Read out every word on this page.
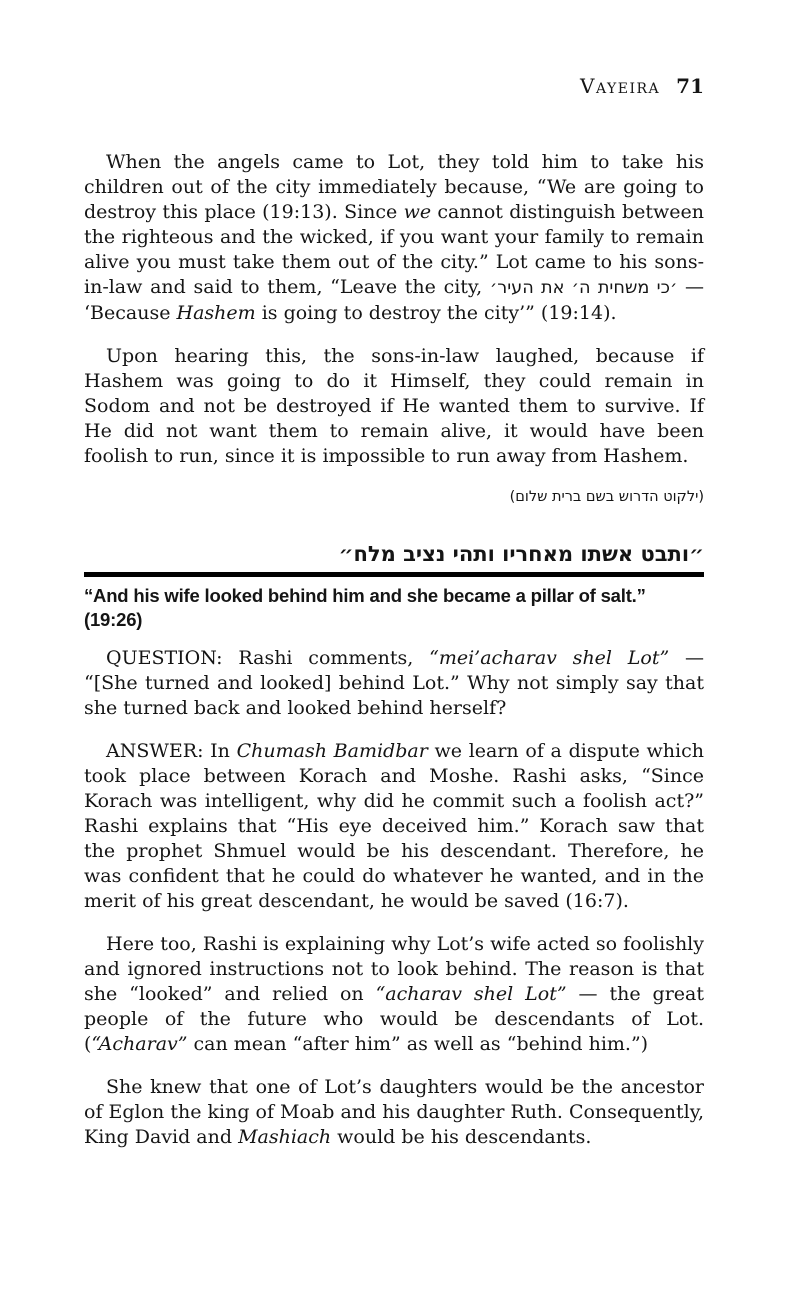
Vayeira 71

When the angels came to Lot, they told him to take his children out of the city immediately because, “We are going to destroy this place (19:13). Since we cannot distinguish between the righteous and the wicked, if you want your family to remain alive you must take them out of the city.” Lot came to his sons-in-law and said to them, “Leave the city, ׳כי משחית ה׳ את העיר׳ — ‘Because Hashem is going to destroy the city’” (19:14).

Upon hearing this, the sons-in-law laughed, because if Hashem was going to do it Himself, they could remain in Sodom and not be destroyed if He wanted them to survive. If He did not want them to remain alive, it would have been foolish to run, since it is impossible to run away from Hashem.

(ילקוט הדרוש בשם ברית שלום)
״ותבט אשתו מאחריו ותהי נציב מלח״
“And his wife looked behind him and she became a pillar of salt.” (19:26)

QUESTION: Rashi comments, “mei’acharav shel Lot” — “[She turned and looked] behind Lot.” Why not simply say that she turned back and looked behind herself?

ANSWER: In Chumash Bamidbar we learn of a dispute which took place between Korach and Moshe. Rashi asks, “Since Korach was intelligent, why did he commit such a foolish act?” Rashi explains that “His eye deceived him.” Korach saw that the prophet Shmuel would be his descendant. Therefore, he was confident that he could do whatever he wanted, and in the merit of his great descendant, he would be saved (16:7).

Here too, Rashi is explaining why Lot’s wife acted so foolishly and ignored instructions not to look behind. The reason is that she “looked” and relied on “acharav shel Lot” — the great people of the future who would be descendants of Lot. (“Acharav” can mean “after him” as well as “behind him.”)

She knew that one of Lot’s daughters would be the ancestor of Eglon the king of Moab and his daughter Ruth. Consequently, King David and Mashiach would be his descendants.
